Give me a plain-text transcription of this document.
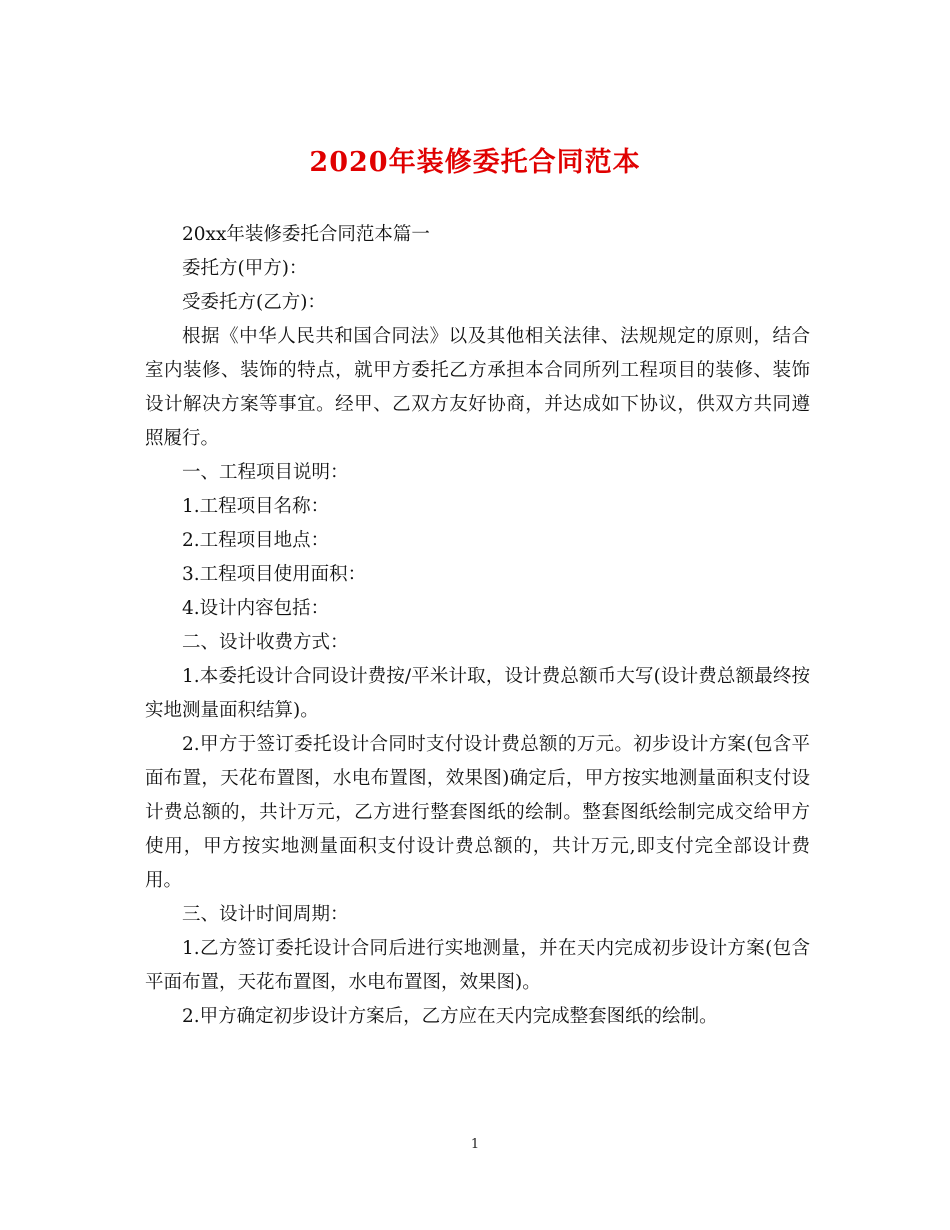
2020年装修委托合同范本

20xx年装修委托合同范本篇一

委托方(甲方)：

受委托方(乙方)：

根据《中华人民共和国合同法》以及其他相关法律、法规规定的原则，结合室内装修、装饰的特点，就甲方委托乙方承担本合同所列工程项目的装修、装饰设计解决方案等事宜。经甲、乙双方友好协商，并达成如下协议，供双方共同遵照履行。

一、工程项目说明：

1.工程项目名称：

2.工程项目地点：

3.工程项目使用面积：

4.设计内容包括：

二、设计收费方式：

1.本委托设计合同设计费按/平米计取，设计费总额币大写(设计费总额最终按实地测量面积结算)。

2.甲方于签订委托设计合同时支付设计费总额的万元。初步设计方案(包含平面布置，天花布置图，水电布置图，效果图)确定后，甲方按实地测量面积支付设计费总额的，共计万元，乙方进行整套图纸的绘制。整套图纸绘制完成交给甲方使用，甲方按实地测量面积支付设计费总额的，共计万元,即支付完全部设计费用。

三、设计时间周期：

1.乙方签订委托设计合同后进行实地测量，并在天内完成初步设计方案(包含平面布置，天花布置图，水电布置图，效果图)。

2.甲方确定初步设计方案后，乙方应在天内完成整套图纸的绘制。

1
